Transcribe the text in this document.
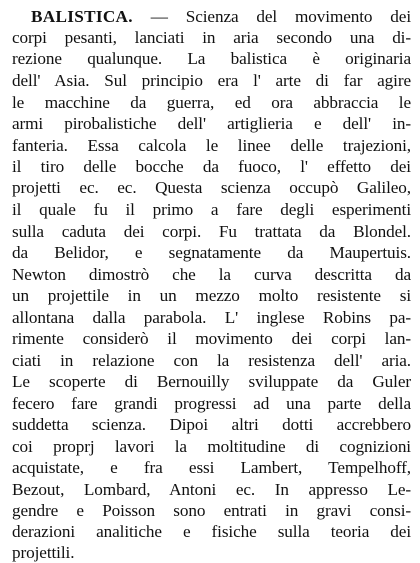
BALISTICA. — Scienza del movimento dei
corpi pesanti, lanciati in aria secondo una di-
rezione qualunque. La balistica è originaria
dell' Asia. Sul principio era l' arte di far agire
le macchine da guerra, ed ora abbraccia le
armi pirobalistiche dell' artiglieria e dell' in-
fanteria. Essa calcola le linee delle trajezioni,
il tiro delle bocche da fuoco, l' effetto dei
projetti ec. ec. Questa scienza occupò Galileo,
il quale fu il primo a fare degli esperimenti
sulla caduta dei corpi. Fu trattata da Blondel.
da Belidor, e segnatamente da Maupertuis.
Newton dimostrò che la curva descritta da
un projettile in un mezzo molto resistente si
allontana dalla parabola. L' inglese Robins pa-
rimente considerò il movimento dei corpi lan-
ciati in relazione con la resistenza dell' aria.
Le scoperte di Bernouilly sviluppate da Guler
fecero fare grandi progressi ad una parte della
suddetta scienza. Dipoi altri dotti accrebbero
coi proprj lavori la moltitudine di cognizioni
acquistate, e fra essi Lambert, Tempelhoff,
Bezout, Lombard, Antoni ec. In appresso Le-
gendre e Poisson sono entrati in gravi consi-
derazioni analitiche e fisiche sulla teoria dei
projettili.
